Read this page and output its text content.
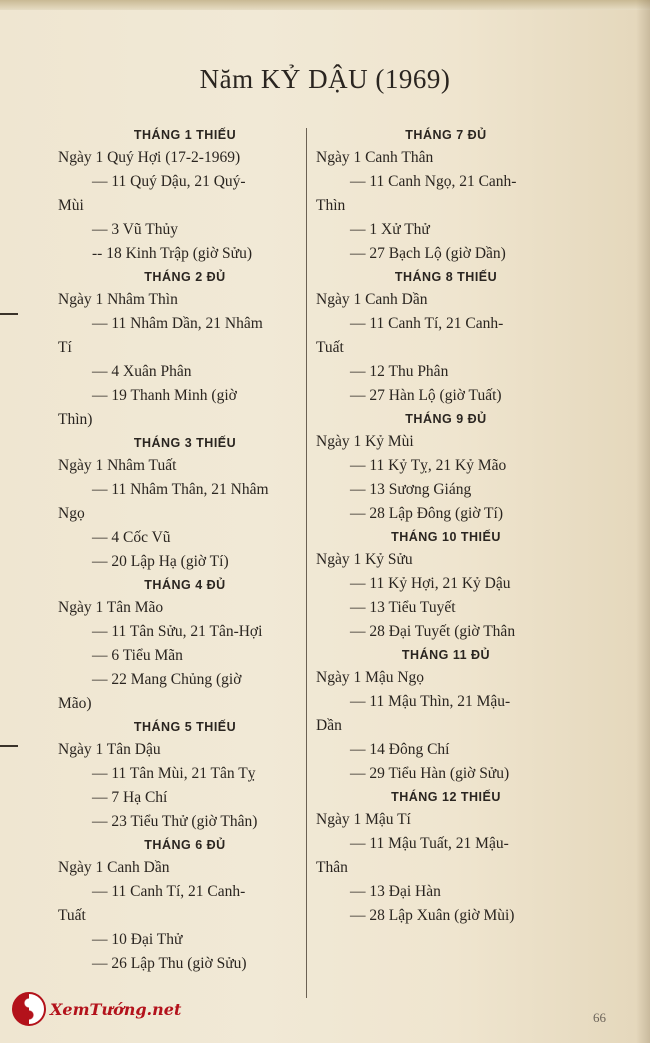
Năm KỶ DẬU (1969)
THÁNG 1 THIẾU
Ngày 1 Quý Hợi (17-2-1969)
— 11 Quý Dậu, 21 Quý-
Mùi
— 3 Vũ Thủy
-- 18 Kinh Trập (giờ Sửu)
THÁNG 2 ĐỦ
Ngày 1 Nhâm Thìn
— 11 Nhâm Dần, 21 Nhâm
Tí
— 4 Xuân Phân
— 19 Thanh Minh (giờ
Thìn)
THÁNG 3 THIẾU
Ngày 1 Nhâm Tuất
— 11 Nhâm Thân, 21 Nhâm
Ngọ
— 4 Cốc Vũ
— 20 Lập Hạ (giờ Tí)
THÁNG 4 ĐỦ
Ngày 1 Tân Mão
— 11 Tân Sửu, 21 Tân-Hợi
— 6 Tiểu Mãn
— 22 Mang Chủng (giờ
Mão)
THÁNG 5 THIẾU
Ngày 1 Tân Dậu
— 11 Tân Mùi, 21 Tân Tỵ
— 7 Hạ Chí
— 23 Tiểu Thử (giờ Thân)
THÁNG 6 ĐỦ
Ngày 1 Canh Dần
— 11 Canh Tí, 21 Canh-
Tuất
— 10 Đại Thử
— 26 Lập Thu (giờ Sửu)
THÁNG 7 ĐỦ
Ngày 1 Canh Thân
— 11 Canh Ngọ, 21 Canh-
Thìn
— 1 Xử Thử
— 27 Bạch Lộ (giờ Dần)
THÁNG 8 THIẾU
Ngày 1 Canh Dần
— 11 Canh Tí, 21 Canh-
Tuất
— 12 Thu Phân
— 27 Hàn Lộ (giờ Tuất)
THÁNG 9 ĐỦ
Ngày 1 Kỷ Mùi
— 11 Kỷ Tỵ, 21 Kỷ Mão
— 13 Sương Giáng
— 28 Lập Đông (giờ Tí)
THÁNG 10 THIẾU
Ngày 1 Kỷ Sửu
— 11 Kỷ Hợi, 21 Kỷ Dậu
— 13 Tiểu Tuyết
— 28 Đại Tuyết (giờ Thân
THÁNG 11 ĐỦ
Ngày 1 Mậu Ngọ
— 11 Mậu Thìn, 21 Mậu-
Dần
— 14 Đông Chí
— 29 Tiểu Hàn (giờ Sửu)
THÁNG 12 THIẾU
Ngày 1 Mậu Tí
— 11 Mậu Tuất, 21 Mậu-
Thân
— 13 Đại Hàn
— 28 Lập Xuân (giờ Mùi)
XemTướng.net	66
